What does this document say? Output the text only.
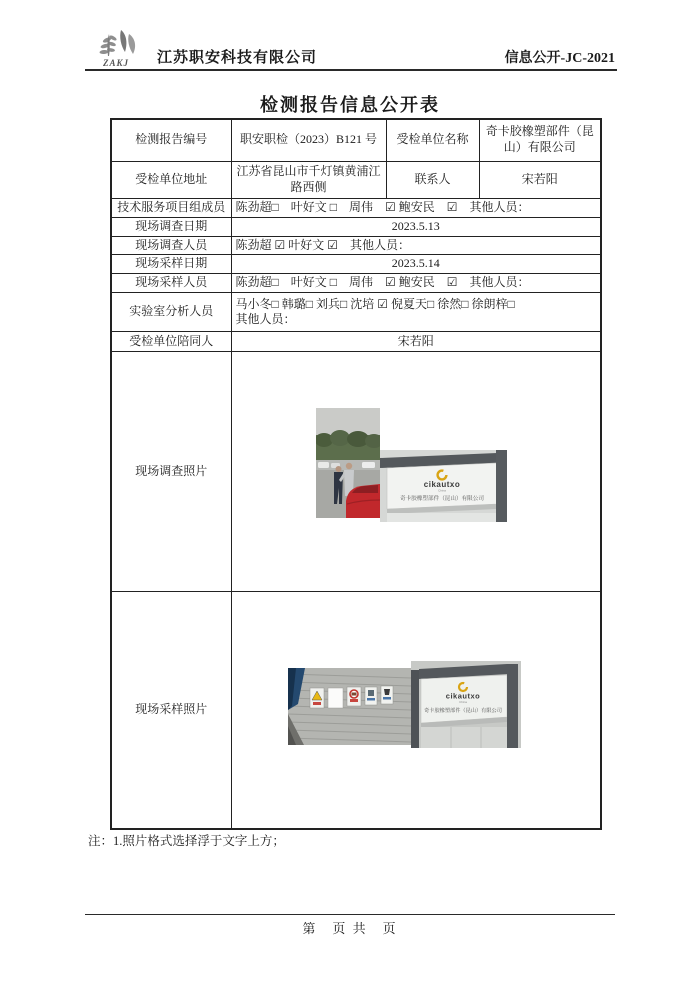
ZAKJ 江苏职安科技有限公司	信息公开-JC-2021
检测报告信息公开表
检测报告编号	职安职检（2023）B121 号	受检单位名称	奇卡胶橡塑部件（昆山）有限公司
受检单位地址	江苏省昆山市千灯镇黄浦江路西侧	联系人	宋若阳
技术服务项目组成员	陈劲超□　叶好文 □　周伟　☑ 鲍安民　☑　其他人员：		
现场调查日期	2023.5.13		
现场调查人员	陈劲超 ☑ 叶好文 ☑　其他人员：		
现场采样日期	2023.5.14		
现场采样人员	陈劲超□　叶好文 □　周伟　☑ 鲍安民　☑　其他人员：		
实验室分析人员	马小冬□ 韩璐□ 刘兵□ 沈培 ☑ 倪夏天□ 徐然□ 徐朗梓□
其他人员：		

受检单位陪同人	宋若阳		
现场调查照片	cikautxo
China
奇卡胶橡塑部件（昆山）有限公司		

现场采样照片	cikautxo
China
奇卡胶橡塑部件（昆山）有限公司		
注：1.照片格式选择浮于文字上方；
第　页 共　页
